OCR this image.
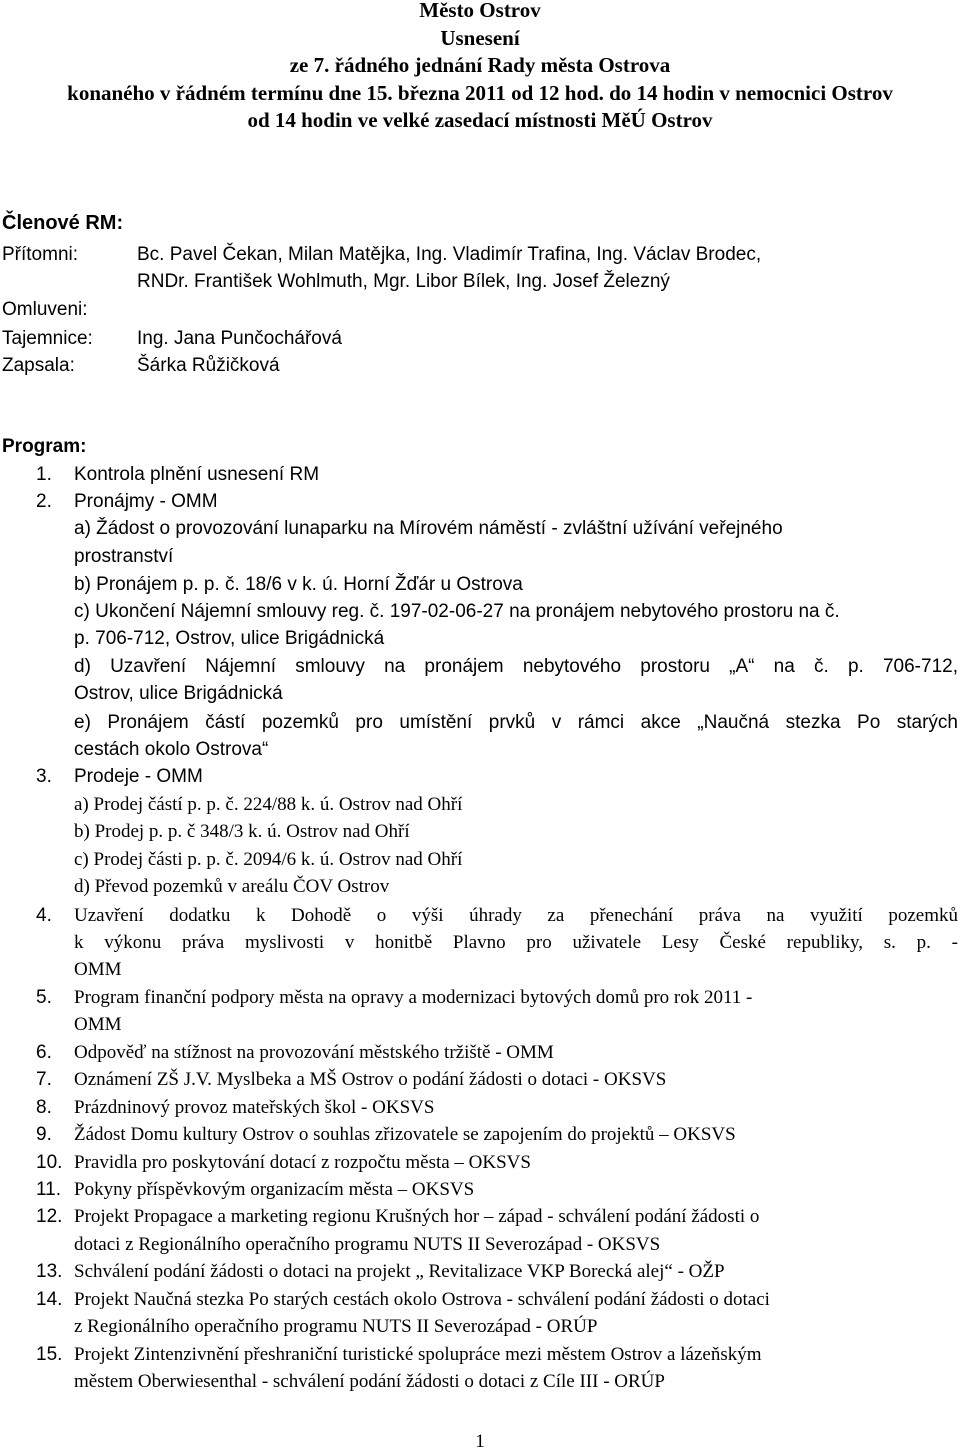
Město Ostrov
Usnesení
ze 7. řádného jednání Rady města Ostrova
konaného v řádném termínu dne 15. března 2011 od 12 hod. do 14 hodin v nemocnici Ostrov
od 14 hodin ve velké zasedací místnosti MěÚ Ostrov
Členové RM:
Přítomni:	Bc. Pavel Čekan, Milan Matějka, Ing. Vladimír Trafina, Ing. Václav Brodec,
RNDr. František Wohlmuth, Mgr. Libor Bílek, Ing. Josef Železný
Omluveni:
Tajemnice: Ing. Jana Punčochářová
Zapsala:	Šárka Růžičková
Program:
1. Kontrola plnění usnesení RM
2. Pronájmy - OMM
a) Žádost o provozování lunaparku na Mírovém náměstí - zvláštní užívání veřejného
prostranství
b) Pronájem p. p. č. 18/6 v k. ú. Horní Žďár u Ostrova
c) Ukončení Nájemní smlouvy reg. č. 197-02-06-27 na pronájem nebytového prostoru na č.
p. 706-712, Ostrov, ulice Brigádnická
d) Uzavření Nájemní smlouvy na pronájem nebytového prostoru „A“ na č. p. 706-712,
Ostrov, ulice Brigádnická
e) Pronájem částí pozemků pro umístění prvků v rámci akce „Naučná stezka Po starých
cestách okolo Ostrova“
3. Prodeje - OMM
a) Prodej částí p. p. č. 224/88 k. ú. Ostrov nad Ohří
b) Prodej p. p. č 348/3 k. ú. Ostrov nad Ohří
c) Prodej části p. p. č. 2094/6 k. ú. Ostrov nad Ohří
d) Převod pozemků v areálu ČOV Ostrov
4. Uzavření dodatku k Dohodě o výši úhrady za přenechání práva na využití pozemků
k výkonu práva myslivosti v honitbě Plavno pro uživatele Lesy České republiky, s. p. -
OMM
5. Program finanční podpory města na opravy a modernizaci bytových domů pro rok 2011 -
OMM
6. Odpověď na stížnost na provozování městského tržiště - OMM
7. Oznámení ZŠ J.V. Myslbeka a MŠ Ostrov o podání žádosti o dotaci - OKSVS
8. Prázdninový provoz mateřských škol - OKSVS
9. Žádost Domu kultury Ostrov o souhlas zřizovatele se zapojením do projektů – OKSVS
10. Pravidla pro poskytování dotací z rozpočtu města – OKSVS
11. Pokyny příspěvkovým organizacím města – OKSVS
12. Projekt Propagace a marketing regionu Krušných hor – západ - schválení podání žádosti o
dotaci z Regionálního operačního programu NUTS II Severozápad - OKSVS
13. Schválení podání žádosti o dotaci na projekt „ Revitalizace VKP Borecká alej“ - OŽP
14. Projekt Naučná stezka Po starých cestách okolo Ostrova - schválení podání žádosti o dotaci
z Regionálního operačního programu NUTS II Severozápad - ORÚP
15. Projekt Zintenzivnění přeshraniční turistické spolupráce mezi městem Ostrov a lázeňským
městem Oberwiesenthal - schválení podání žádosti o dotaci z Cíle III - ORÚP
1
